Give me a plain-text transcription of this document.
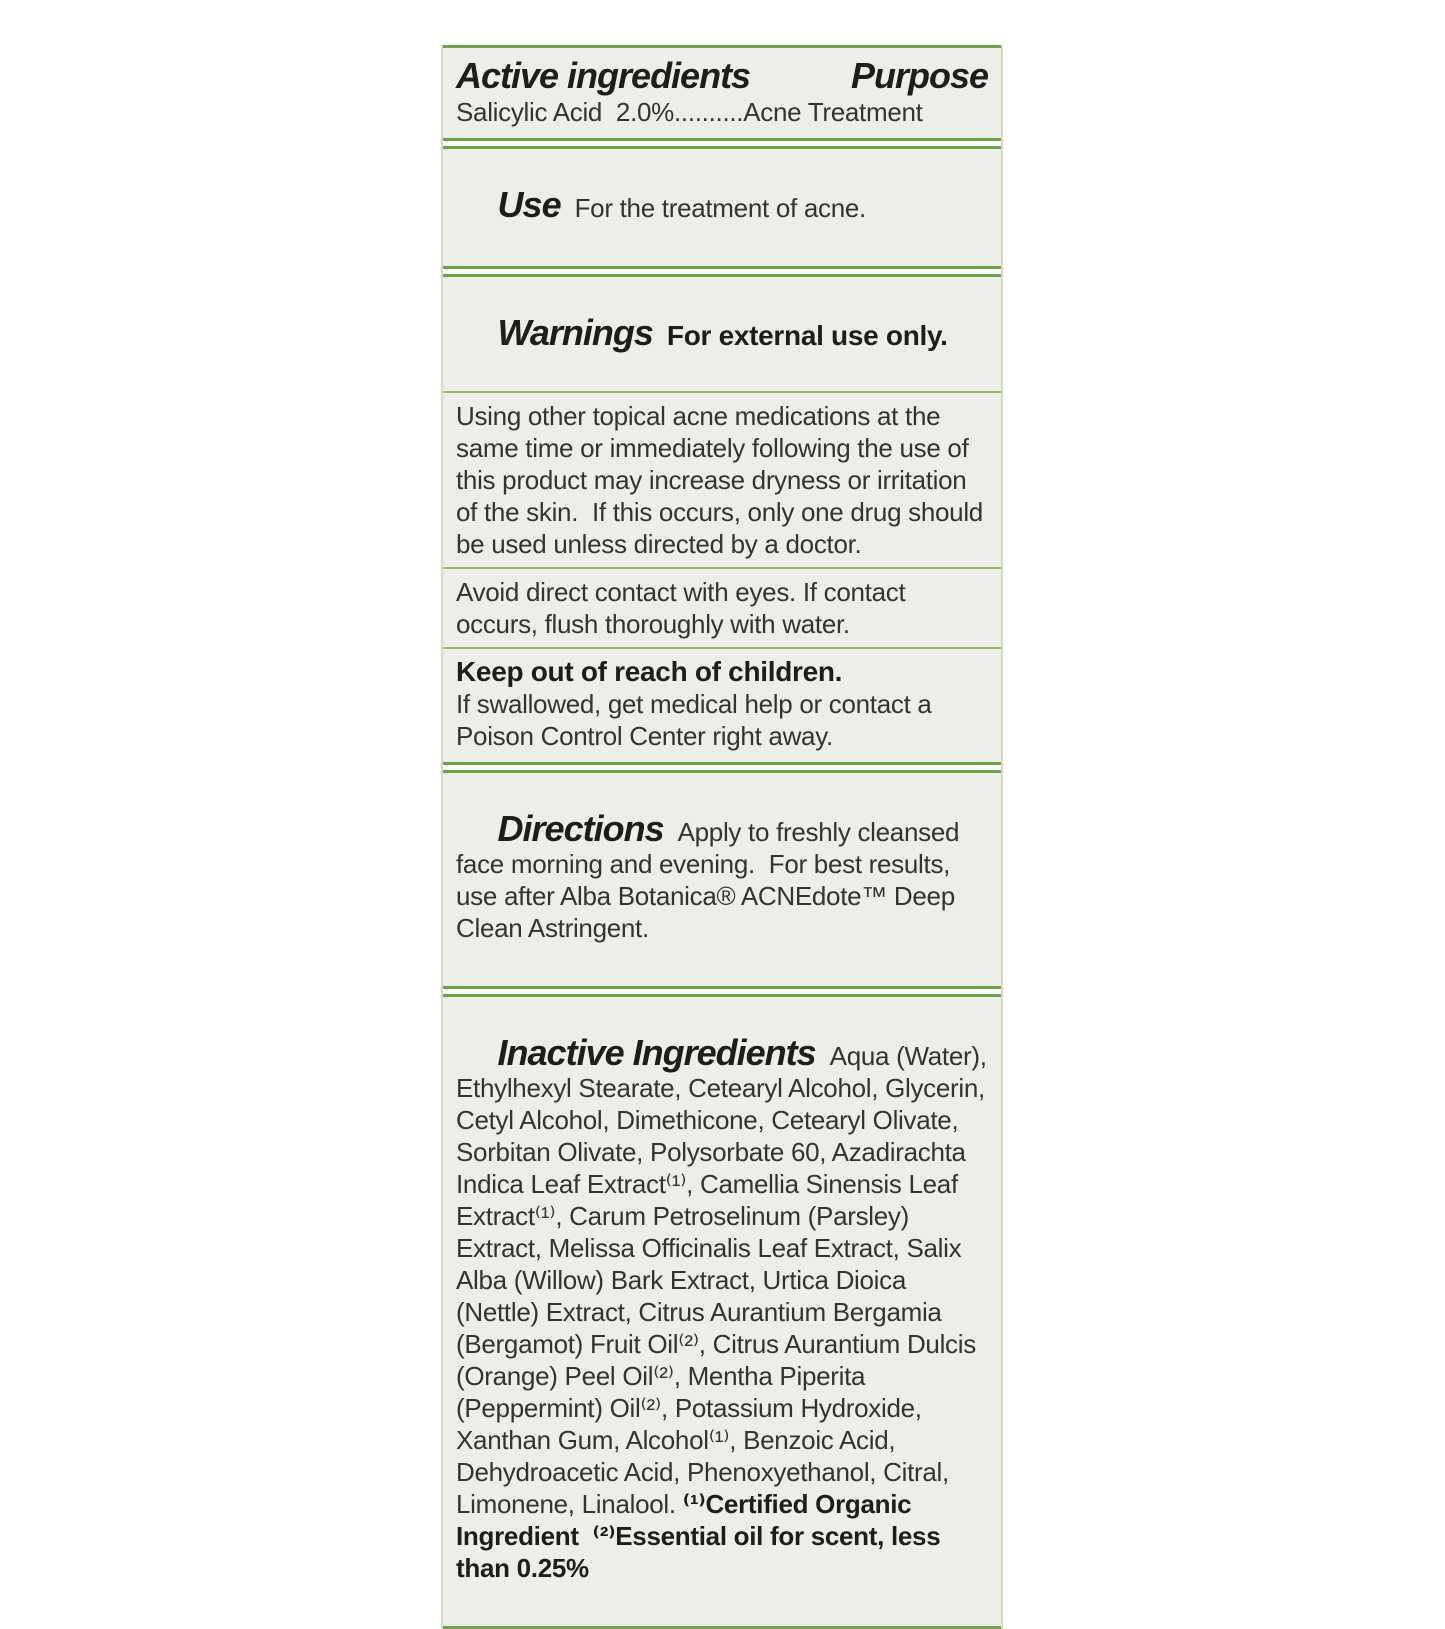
Active ingredients	Purpose

Salicylic Acid  2.0%..........Acne Treatment

Use For the treatment of acne.

Warnings For external use only.

Using other topical acne medications at the same time or immediately following the use of this product may increase dryness or irritation of the skin.  If this occurs, only one drug should be used unless directed by a doctor.

Avoid direct contact with eyes. If contact occurs, flush thoroughly with water.

Keep out of reach of children.

If swallowed, get medical help or contact a Poison Control Center right away.

Directions Apply to freshly cleansed face morning and evening.  For best results, use after Alba Botanica® ACNEdote™ Deep Clean Astringent.

Inactive Ingredients Aqua (Water), Ethylhexyl Stearate, Cetearyl Alcohol, Glycerin, Cetyl Alcohol, Dimethicone, Cetearyl Olivate, Sorbitan Olivate, Polysorbate 60, Azadirachta Indica Leaf Extract⁽¹⁾, Camellia Sinensis Leaf Extract⁽¹⁾, Carum Petroselinum (Parsley) Extract, Melissa Officinalis Leaf Extract, Salix Alba (Willow) Bark Extract, Urtica Dioica (Nettle) Extract, Citrus Aurantium Bergamia (Bergamot) Fruit Oil⁽²⁾, Citrus Aurantium Dulcis (Orange) Peel Oil⁽²⁾, Mentha Piperita (Peppermint) Oil⁽²⁾, Potassium Hydroxide, Xanthan Gum, Alcohol⁽¹⁾, Benzoic Acid, Dehydroacetic Acid, Phenoxyethanol, Citral, Limonene, Linalool. ⁽¹⁾Certified Organic Ingredient  ⁽²⁾Essential oil for scent, less than 0.25%
